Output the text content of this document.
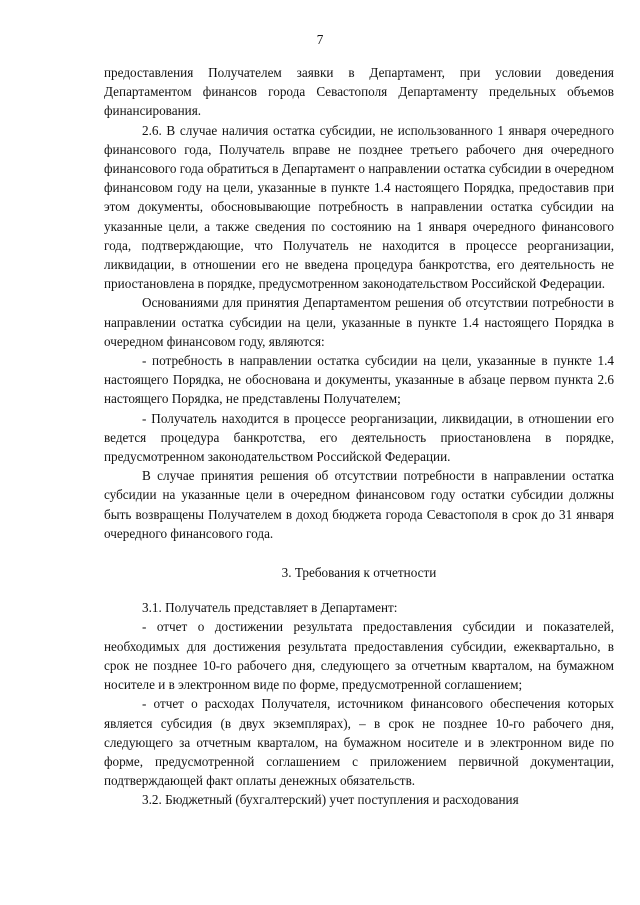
7

предоставления Получателем заявки в Департамент, при условии доведения Департаментом финансов города Севастополя Департаменту предельных объемов финансирования.

2.6. В случае наличия остатка субсидии, не использованного 1 января очередного финансового года, Получатель вправе не позднее третьего рабочего дня очередного финансового года обратиться в Департамент о направлении остатка субсидии в очередном финансовом году на цели, указанные в пункте 1.4 настоящего Порядка, предоставив при этом документы, обосновывающие потребность в направлении остатка субсидии на указанные цели, а также сведения по состоянию на 1 января очередного финансового года, подтверждающие, что Получатель не находится в процессе реорганизации, ликвидации, в отношении его не введена процедура банкротства, его деятельность не приостановлена в порядке, предусмотренном законодательством Российской Федерации.

Основаниями для принятия Департаментом решения об отсутствии потребности в направлении остатка субсидии на цели, указанные в пункте 1.4 настоящего Порядка в очередном финансовом году, являются:

- потребность в направлении остатка субсидии на цели, указанные в пункте 1.4 настоящего Порядка, не обоснована и документы, указанные в абзаце первом пункта 2.6 настоящего Порядка, не представлены Получателем;

- Получатель находится в процессе реорганизации, ликвидации, в отношении его ведется процедура банкротства, его деятельность приостановлена в порядке, предусмотренном законодательством Российской Федерации.

В случае принятия решения об отсутствии потребности в направлении остатка субсидии на указанные цели в очередном финансовом году остатки субсидии должны быть возвращены Получателем в доход бюджета города Севастополя в срок до 31 января очередного финансового года.

3. Требования к отчетности

3.1. Получатель представляет в Департамент:

- отчет о достижении результата предоставления субсидии и показателей, необходимых для достижения результата предоставления субсидии, ежеквартально, в срок не позднее 10-го рабочего дня, следующего за отчетным кварталом, на бумажном носителе и в электронном виде по форме, предусмотренной соглашением;

- отчет о расходах Получателя, источником финансового обеспечения которых является субсидия (в двух экземплярах), – в срок не позднее 10-го рабочего дня, следующего за отчетным кварталом, на бумажном носителе и в электронном виде по форме, предусмотренной соглашением с приложением первичной документации, подтверждающей факт оплаты денежных обязательств.

3.2. Бюджетный (бухгалтерский) учет поступления и расходования
